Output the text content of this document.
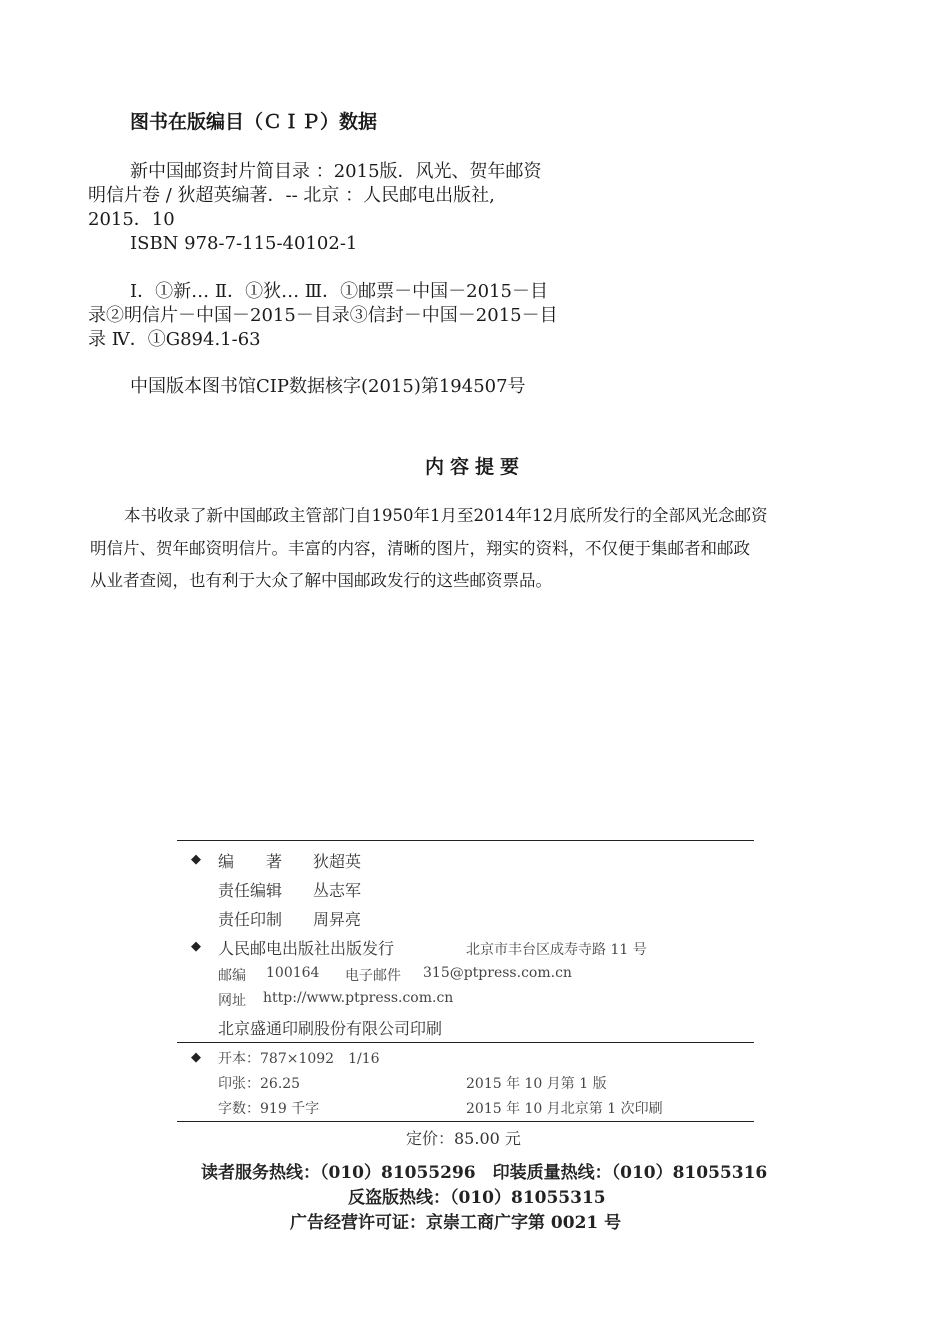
图书在版编目（ＣＩＰ）数据
新中国邮资封片简目录 ：2015版．风光、贺年邮资
明信片卷 / 狄超英编著．-- 北京 ：人民邮电出版社,
2015．10
ISBN 978-7-115-40102-1
Ⅰ．①新… Ⅱ．①狄… Ⅲ．①邮票－中国－2015－目
录②明信片－中国－2015－目录③信封－中国－2015－目
录 Ⅳ．①G894.1-63
中国版本图书馆CIP数据核字(2015)第194507号
内容提要
本书收录了新中国邮政主管部门自1950年1月至2014年12月底所发行的全部风光念邮资
明信片、贺年邮资明信片。丰富的内容，清晰的图片，翔实的资料，不仅便于集邮者和邮政
从业者查阅，也有利于大众了解中国邮政发行的这些邮资票品。
◆ 编　　著 狄超英
责任编辑 丛志军
责任印制 周昇亮
◆ 人民邮电出版社出版发行	北京市丰台区成寿寺路 11 号
邮编 100164 电子邮件 315@ptpress.com.cn
网址 http://www.ptpress.com.cn
北京盛通印刷股份有限公司印刷
◆ 开本：787×1092　1/16
印张：26.25	2015 年 10 月第 1 版
字数：919 千字	2015 年 10 月北京第 1 次印刷
定价：85.00 元
读者服务热线：（010）81055296　印装质量热线：（010）81055316
反盗版热线：（010）81055315
广告经营许可证：京崇工商广字第 0021 号
